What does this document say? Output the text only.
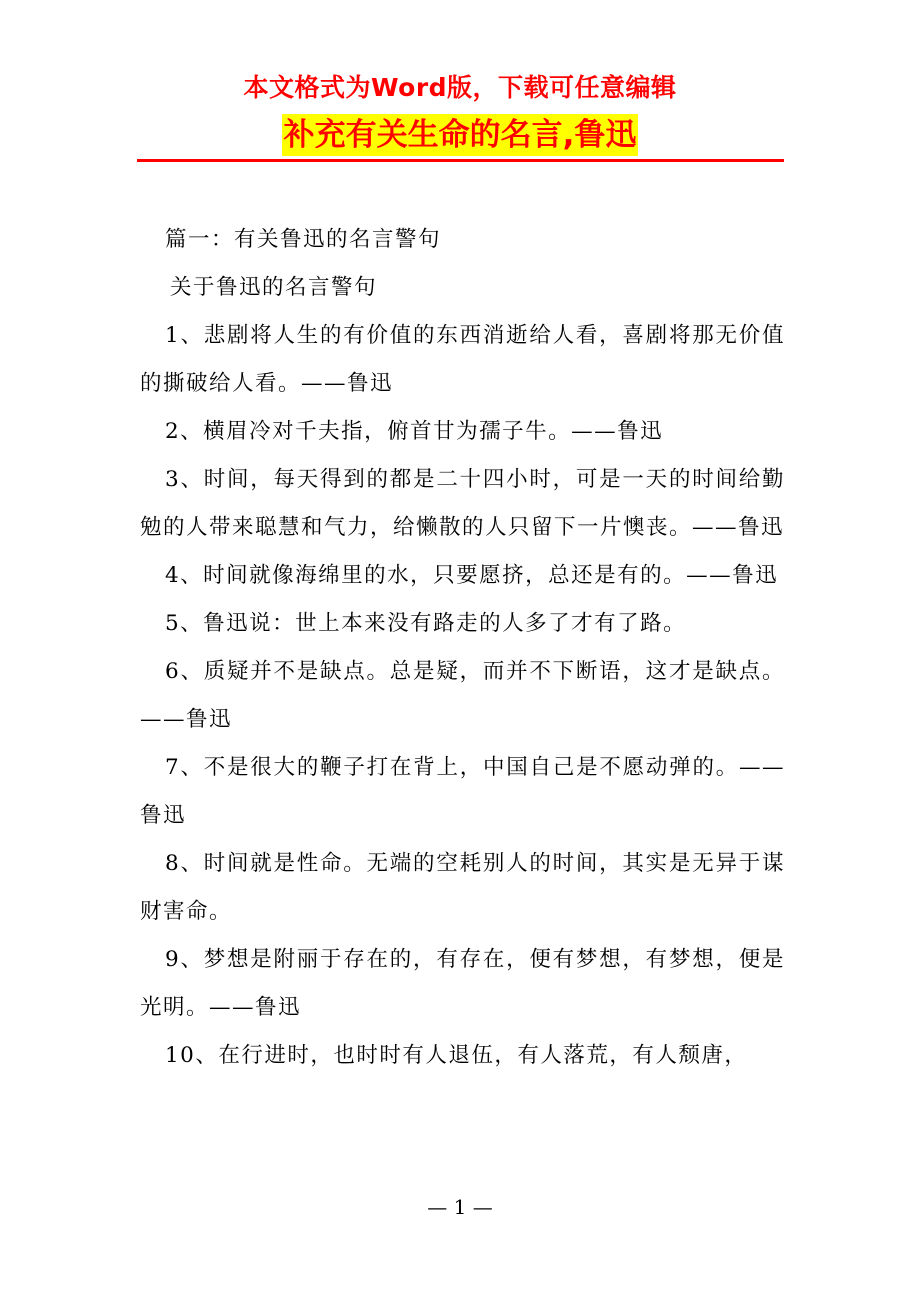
本文格式为Word版，下载可任意编辑
补充有关生命的名言,鲁迅

篇一：有关鲁迅的名言警句

关于鲁迅的名言警句

1、悲剧将人生的有价值的东西消逝给人看，喜剧将那无价值的撕破给人看。——鲁迅

2、横眉冷对千夫指，俯首甘为孺子牛。——鲁迅

3、时间，每天得到的都是二十四小时，可是一天的时间给勤勉的人带来聪慧和气力，给懒散的人只留下一片懊丧。——鲁迅

4、时间就像海绵里的水，只要愿挤，总还是有的。——鲁迅

5、鲁迅说：世上本来没有路走的人多了才有了路。

6、质疑并不是缺点。总是疑，而并不下断语，这才是缺点。——鲁迅

7、不是很大的鞭子打在背上，中国自己是不愿动弹的。——鲁迅

8、时间就是性命。无端的空耗别人的时间，其实是无异于谋财害命。

9、梦想是附丽于存在的，有存在，便有梦想，有梦想，便是光明。——鲁迅

10、在行进时，也时时有人退伍，有人落荒，有人颓唐，

— 1 —
